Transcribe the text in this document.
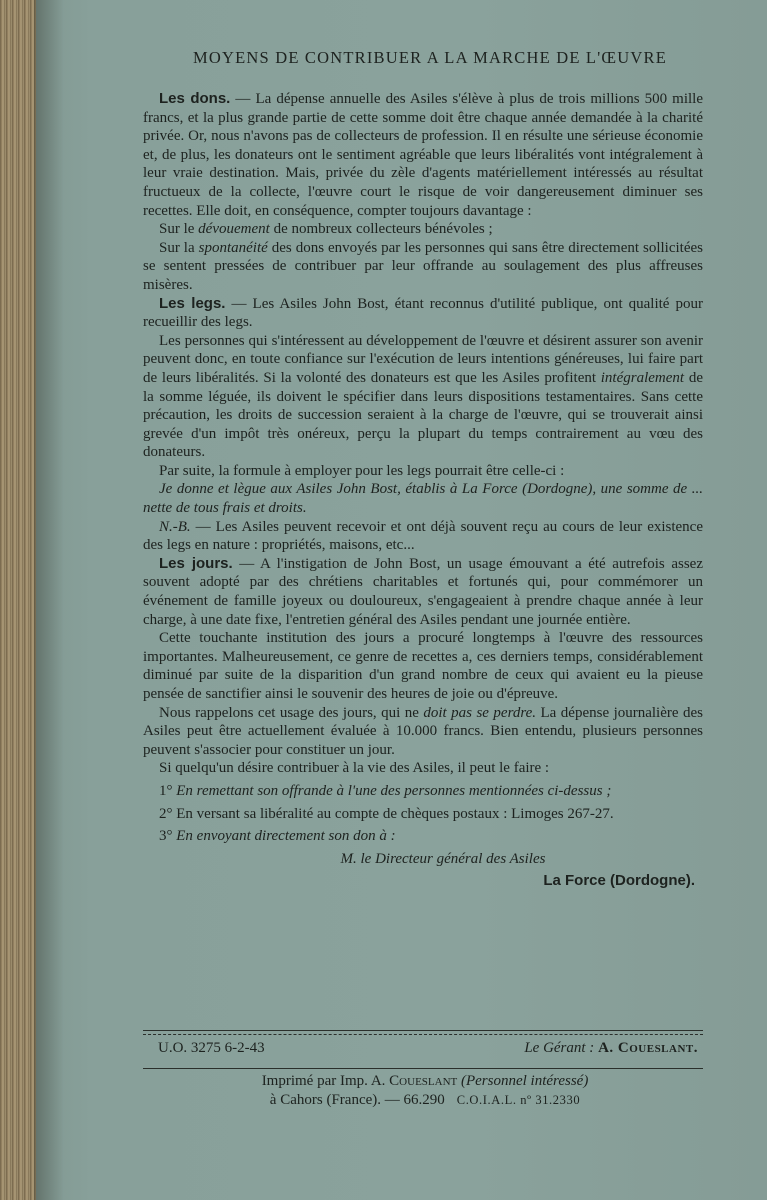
MOYENS DE CONTRIBUER A LA MARCHE DE L'ŒUVRE

Les dons. — La dépense annuelle des Asiles s'élève à plus de trois millions 500 mille francs, et la plus grande partie de cette somme doit être chaque année demandée à la charité privée. Or, nous n'avons pas de collecteurs de profession. Il en résulte une sérieuse économie et, de plus, les donateurs ont le sentiment agréable que leurs libéralités vont intégralement à leur vraie destination. Mais, privée du zèle d'agents matériellement intéressés au résultat fructueux de la collecte, l'œuvre court le risque de voir dangereusement diminuer ses recettes. Elle doit, en conséquence, compter toujours davantage :

Sur le dévouement de nombreux collecteurs bénévoles ;

Sur la spontanéité des dons envoyés par les personnes qui sans être directement sollicitées se sentent pressées de contribuer par leur offrande au soulagement des plus affreuses misères.

Les legs. — Les Asiles John Bost, étant reconnus d'utilité publique, ont qualité pour recueillir des legs.

Les personnes qui s'intéressent au développement de l'œuvre et désirent assurer son avenir peuvent donc, en toute confiance sur l'exécution de leurs intentions généreuses, lui faire part de leurs libéralités. Si la volonté des donateurs est que les Asiles profitent intégralement de la somme léguée, ils doivent le spécifier dans leurs dispositions testamentaires. Sans cette précaution, les droits de succession seraient à la charge de l'œuvre, qui se trouverait ainsi grevée d'un impôt très onéreux, perçu la plupart du temps contrairement au vœu des donateurs.

Par suite, la formule à employer pour les legs pourrait être celle-ci :

Je donne et lègue aux Asiles John Bost, établis à La Force (Dordogne), une somme de ... nette de tous frais et droits.

N.-B. — Les Asiles peuvent recevoir et ont déjà souvent reçu au cours de leur existence des legs en nature : propriétés, maisons, etc...

Les jours. — A l'instigation de John Bost, un usage émouvant a été autrefois assez souvent adopté par des chrétiens charitables et fortunés qui, pour commémorer un événement de famille joyeux ou douloureux, s'engageaient à prendre chaque année à leur charge, à une date fixe, l'entretien général des Asiles pendant une journée entière.

Cette touchante institution des jours a procuré longtemps à l'œuvre des ressources importantes. Malheureusement, ce genre de recettes a, ces derniers temps, considérablement diminué par suite de la disparition d'un grand nombre de ceux qui avaient eu la pieuse pensée de sanctifier ainsi le souvenir des heures de joie ou d'épreuve.

Nous rappelons cet usage des jours, qui ne doit pas se perdre. La dépense journalière des Asiles peut être actuellement évaluée à 10.000 francs. Bien entendu, plusieurs personnes peuvent s'associer pour constituer un jour.

Si quelqu'un désire contribuer à la vie des Asiles, il peut le faire :

1° En remettant son offrande à l'une des personnes mentionnées ci-dessus ;

2° En versant sa libéralité au compte de chèques postaux : Limoges 267-27.

3° En envoyant directement son don à :

M. le Directeur général des Asiles
La Force (Dordogne).
U.O. 3275 6-2-43	Le Gérant : A. Coueslant.
Imprimé par Imp. A. Coueslant (Personnel intéressé)
à Cahors (France). — 66.290 C.O.I.A.L. nº 31.2330
